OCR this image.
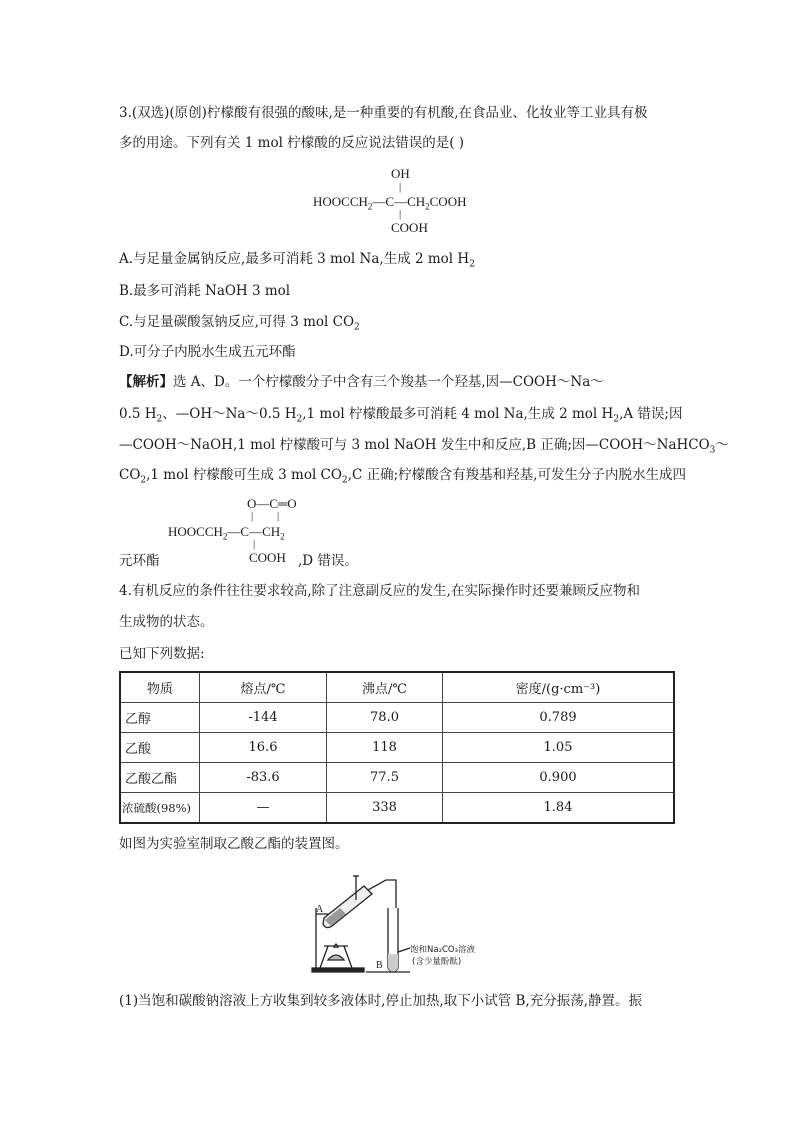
3.(双选)(原创)柠檬酸有很强的酸味,是一种重要的有机酸,在食品业、化妆业等工业具有极
多的用途。下列有关 1 mol 柠檬酸的反应说法错误的是( )
OH
|
$HOOCCH_2—C—CH_2COOH$
|
COOH
A.与足量金属钠反应,最多可消耗 3 mol Na,生成 2 mol $H_2$
B.最多可消耗 NaOH 3 mol
C.与足量碳酸氢钠反应,可得 3 mol $CO_2$
D.可分子内脱水生成五元环酯
【解析】选 A、D。一个柠檬酸分子中含有三个羧基一个羟基,因—COOH～Na～
0.5 $H_2$、—OH～Na～0.5 $H_2,1$ mol 柠檬酸最多可消耗 4 mol Na,生成 2 mol $H_2,A$ 错误;因
—COOH～NaOH,1 mol 柠檬酸可与 3 mol NaOH 发生中和反应,B 正确;因—COOH～NaHCO$_3$～
$CO_2,1$ mol 柠檬酸可生成 3 mol $CO_2,C$ 正确;柠檬酸含有羧基和羟基,可发生分子内脱水生成四
O—C═O
| |
$HOOCCH_2—C—CH_2$
|
COOH
元环酯	,D 错误。
4.有机反应的条件往往要求较高,除了注意副反应的发生,在实际操作时还要兼顾反应物和
生成物的状态。
已知下列数据:
物质	熔点/℃	沸点/℃	密度/(g·cm⁻³)
乙醇	-144	78.0	0.789
乙酸	16.6	118	1.05
乙酸乙酯	-83.6	77.5	0.900
浓硫酸(98%)	—	338	1.84
如图为实验室制取乙酸乙酯的装置图。
A
B
饱和Na₂CO₃溶液
(含少量酚酞)
(1)当饱和碳酸钠溶液上方收集到较多液体时,停止加热,取下小试管 B,充分振荡,静置。振
